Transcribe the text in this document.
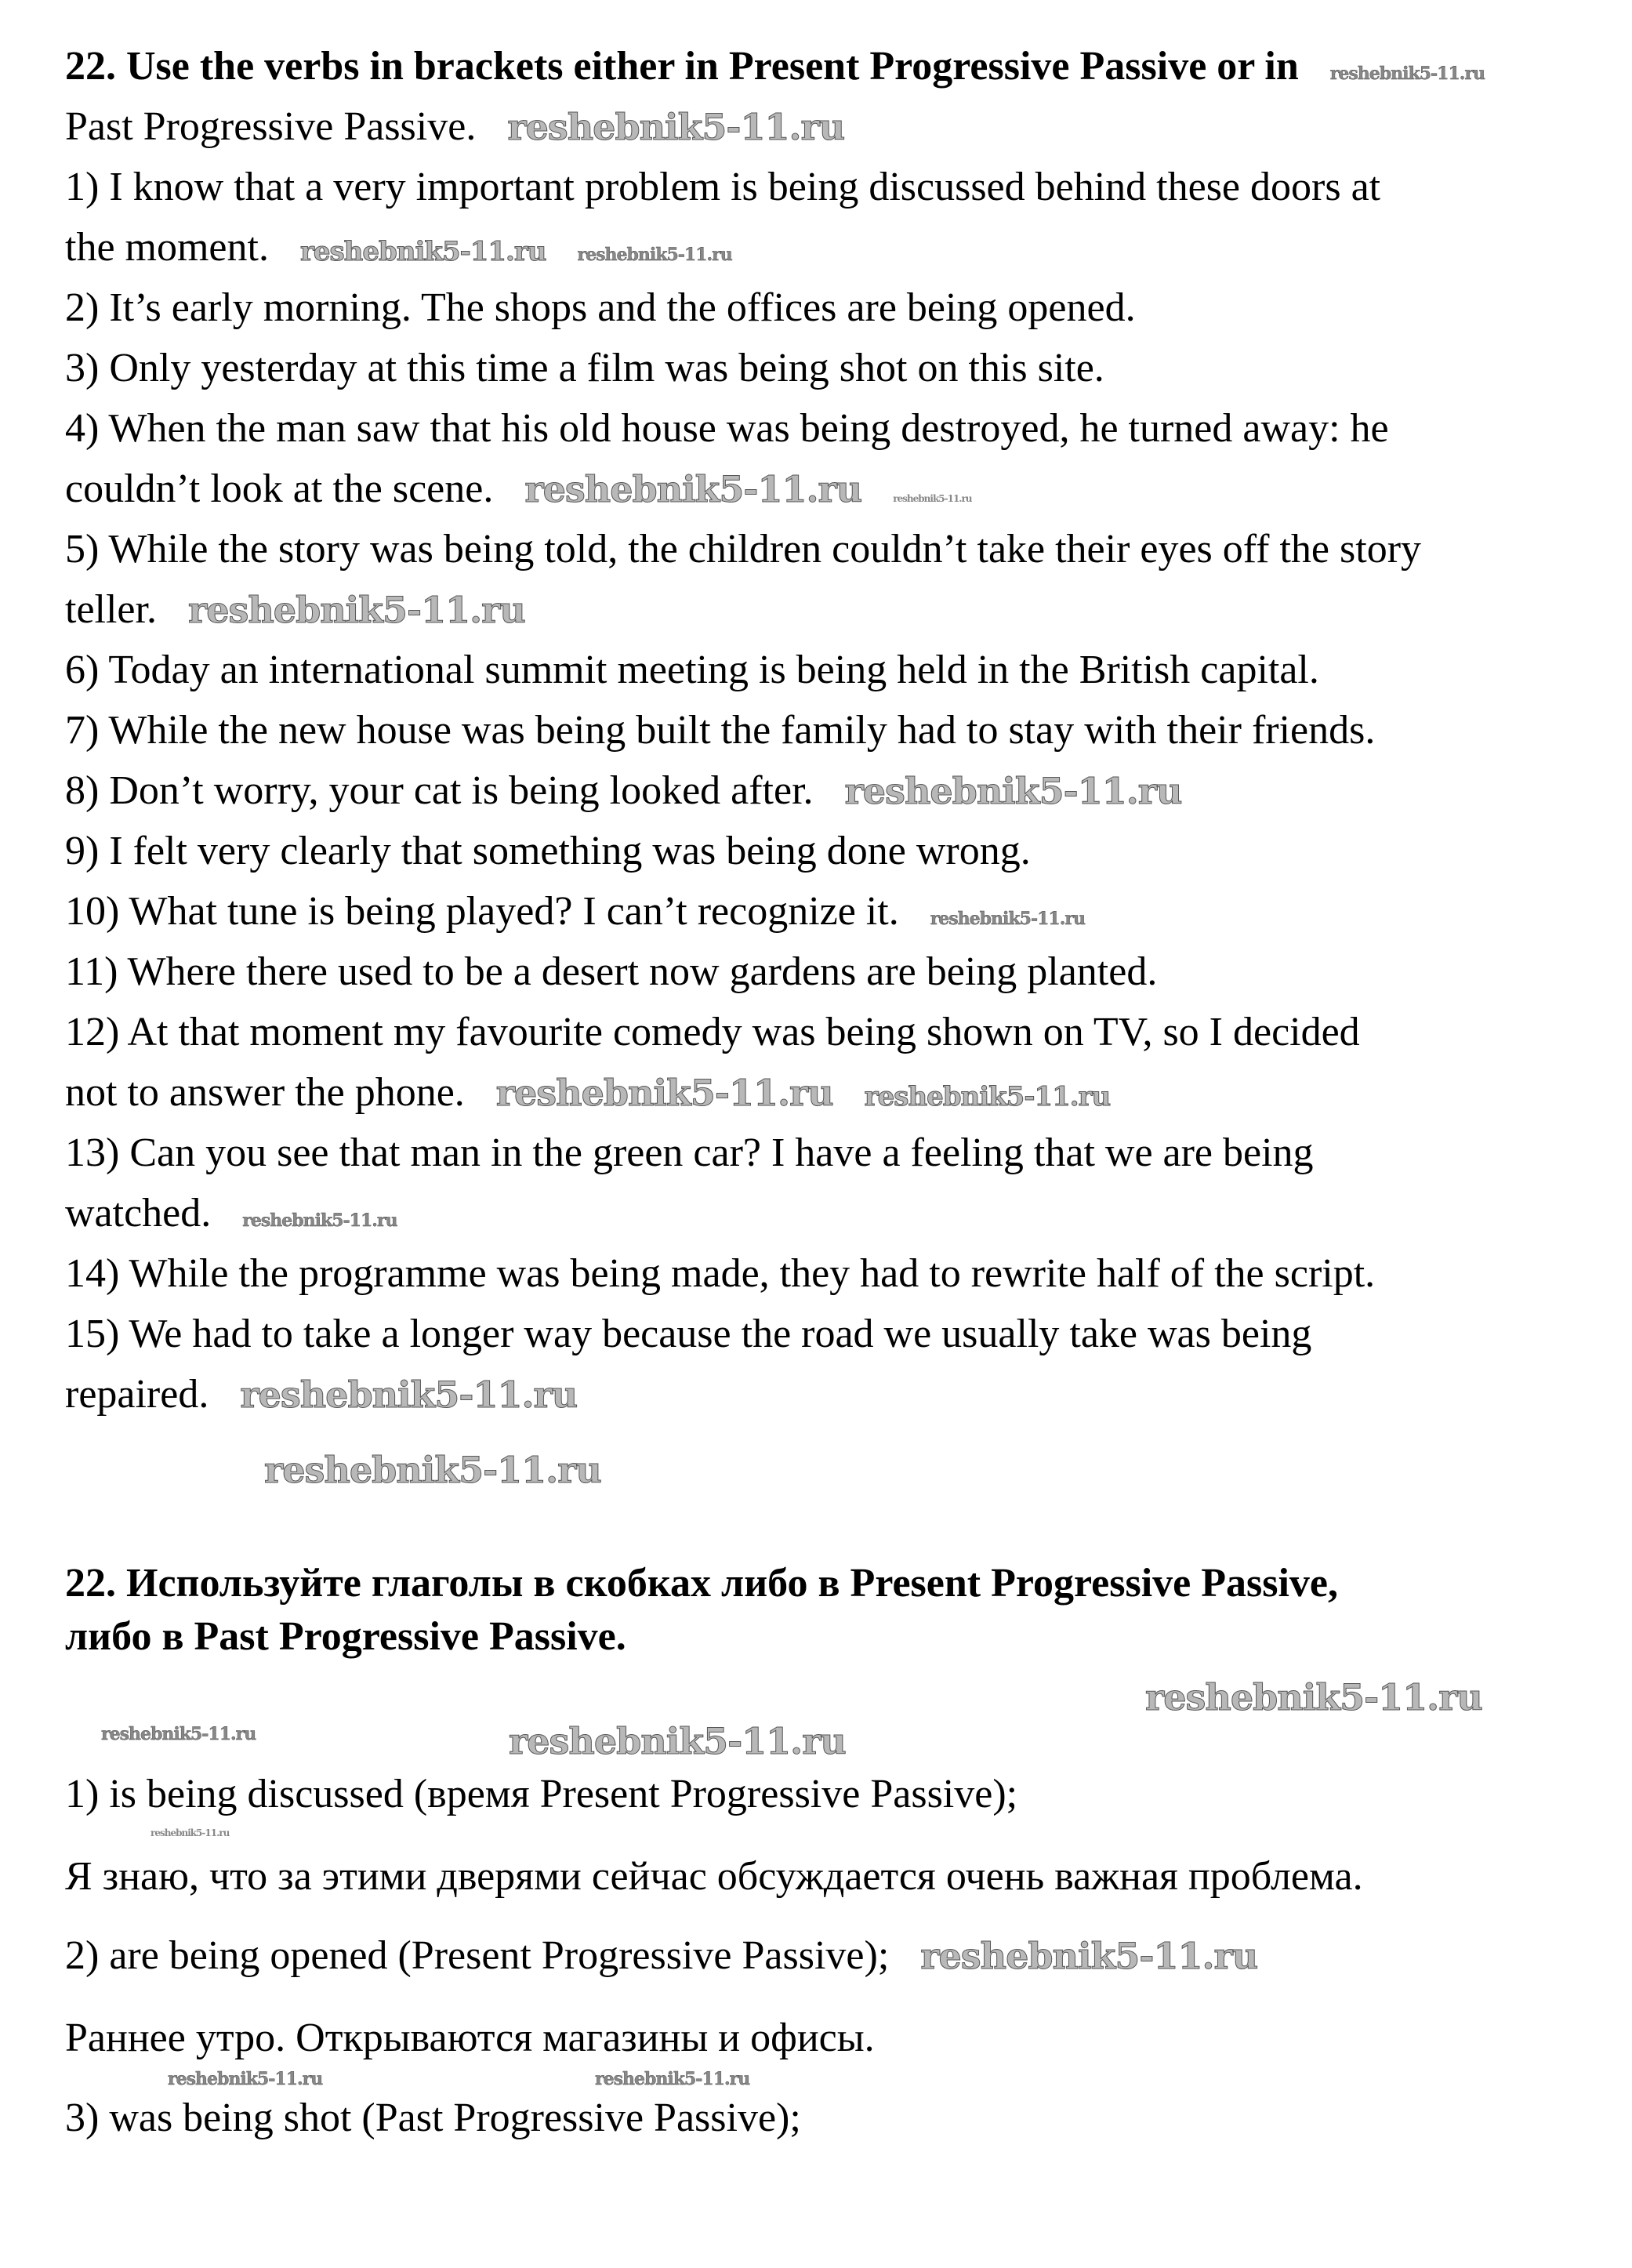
22. Use the verbs in brackets either in Present Progressive Passive or in reshebnik5-11.ru
Past Progressive Passive. reshebnik5-11.ru
1) I know that a very important problem is being discussed behind these doors at
the moment. reshebnik5-11.ru reshebnik5-11.ru
2) It’s early morning. The shops and the offices are being opened.
3) Only yesterday at this time a film was being shot on this site.
4) When the man saw that his old house was being destroyed, he turned away: he
couldn’t look at the scene. reshebnik5-11.ru	reshebnik5-11.ru
5) While the story was being told, the children couldn’t take their eyes off the story
teller. reshebnik5-11.ru
6) Today an international summit meeting is being held in the British capital.
7) While the new house was being built the family had to stay with their friends.
8) Don’t worry, your cat is being looked after. reshebnik5-11.ru
9) I felt very clearly that something was being done wrong.
10) What tune is being played? I can’t recognize it. reshebnik5-11.ru
11) Where there used to be a desert now gardens are being planted.
12) At that moment my favourite comedy was being shown on TV, so I decided
not to answer the phone. reshebnik5-11.ru reshebnik5-11.ru
13) Can you see that man in the green car? I have a feeling that we are being
watched. reshebnik5-11.ru
14) While the programme was being made, they had to rewrite half of the script.
15) We had to take a longer way because the road we usually take was being
repaired. reshebnik5-11.ru
22. Используйте глаголы в скобках либо в Present Progressive Passive,
либо в Past Progressive Passive.
1) is being discussed (время Present Progressive Passive);
Я знаю, что за этими дверями сейчас обсуждается очень важная проблема.
2) are being opened (Present Progressive Passive); reshebnik5-11.ru
Раннее утро. Открываются магазины и офисы.
3) was being shot (Past Progressive Passive);
reshebnik5-11.ru
reshebnik5-11.ru
reshebnik5-11.ru	reshebnik5-11.ru
reshebnik5-11.ru
reshebnik5-11.ru	reshebnik5-11.ru
